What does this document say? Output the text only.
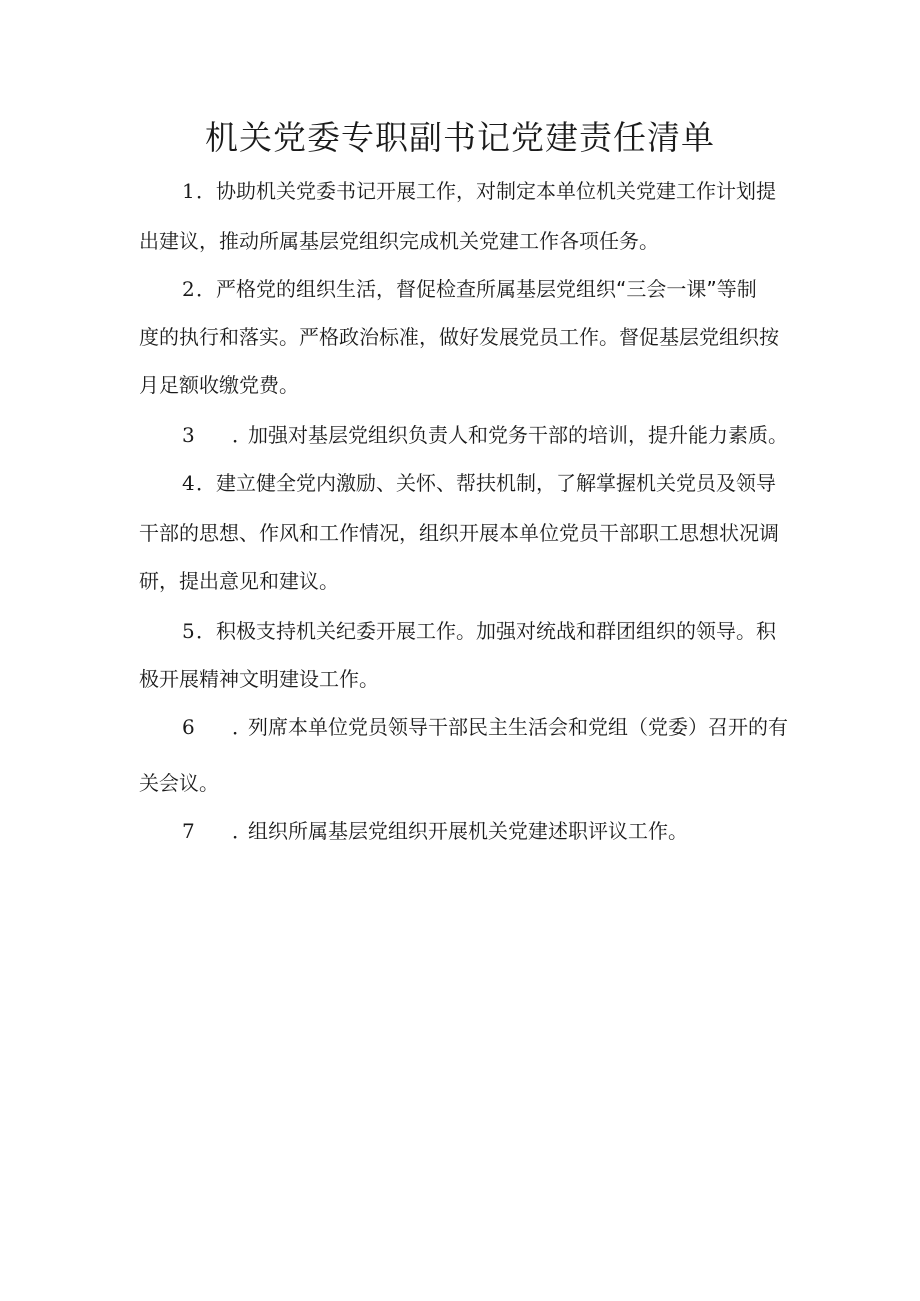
机关党委专职副书记党建责任清单
1．协助机关党委书记开展工作，对制定本单位机关党建工作计划提
出建议，推动所属基层党组织完成机关党建工作各项任务。
2．严格党的组织生活，督促检查所属基层党组织“三会一课”等制
度的执行和落实。严格政治标准，做好发展党员工作。督促基层党组织按
月足额收缴党费。
3 ．加强对基层党组织负责人和党务干部的培训，提升能力素质。
4．建立健全党内激励、关怀、帮扶机制，了解掌握机关党员及领导
干部的思想、作风和工作情况，组织开展本单位党员干部职工思想状况调
研，提出意见和建议。
5．积极支持机关纪委开展工作。加强对统战和群团组织的领导。积
极开展精神文明建设工作。
6 ．列席本单位党员领导干部民主生活会和党组（党委）召开的有
关会议。
7 ．组织所属基层党组织开展机关党建述职评议工作。
